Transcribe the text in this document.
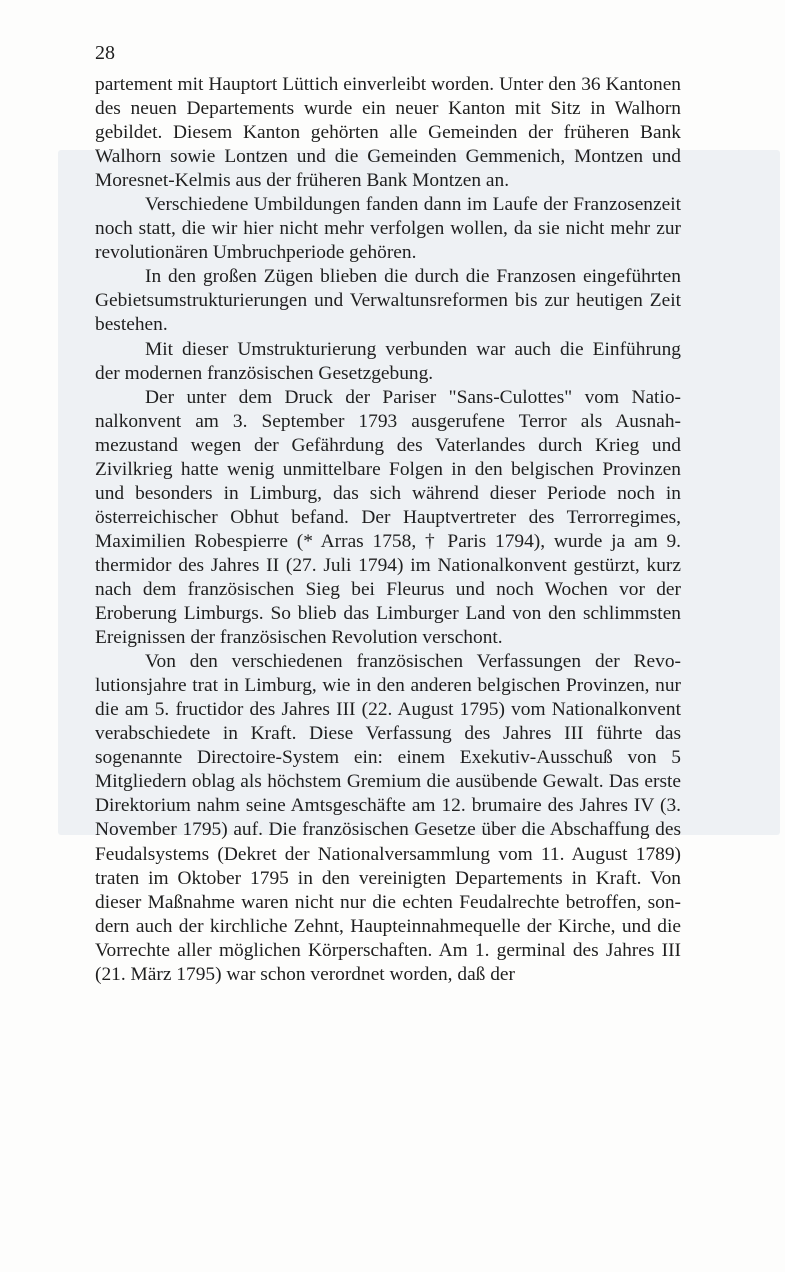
28

partement mit Hauptort Lüttich einverleibt worden. Unter den 36 Kantonen des neuen Departements wurde ein neuer Kanton mit Sitz in Walhorn gebildet. Diesem Kanton gehörten alle Gemeinden der früheren Bank Walhorn sowie Lontzen und die Gemeinden Gemmenich, Montzen und Moresnet-Kelmis aus der früheren Bank Montzen an.

Verschiedene Umbildungen fanden dann im Laufe der Franzosenzeit noch statt, die wir hier nicht mehr verfolgen wollen, da sie nicht mehr zur revolutionären Umbruchperiode gehören.

In den großen Zügen blieben die durch die Franzosen eingeführten Gebietsumstrukturierungen und Verwaltunsreformen bis zur heutigen Zeit bestehen.

Mit dieser Umstrukturierung verbunden war auch die Einführung der modernen französischen Gesetzgebung.

Der unter dem Druck der Pariser "Sans-Culottes" vom Nationalkonvent am 3. September 1793 ausgerufene Terror als Ausnahmezustand wegen der Gefährdung des Vaterlandes durch Krieg und Zivilkrieg hatte wenig unmittelbare Folgen in den belgischen Provinzen und besonders in Limburg, das sich während dieser Periode noch in österreichischer Obhut befand. Der Hauptvertreter des Terrorregimes, Maximilien Robespierre (* Arras 1758, † Paris 1794), wurde ja am 9. thermidor des Jahres II (27. Juli 1794) im Nationalkonvent gestürzt, kurz nach dem französischen Sieg bei Fleurus und noch Wochen vor der Eroberung Limburgs. So blieb das Limburger Land von den schlimmsten Ereignissen der französischen Revolution verschont.

Von den verschiedenen französischen Verfassungen der Revolutionsjahre trat in Limburg, wie in den anderen belgischen Provinzen, nur die am 5. fructidor des Jahres III (22. August 1795) vom Nationalkonvent verabschiedete in Kraft. Diese Verfassung des Jahres III führte das sogenannte Directoire-System ein: einem Exekutiv-Ausschuß von 5 Mitgliedern oblag als höchstem Gremium die ausübende Gewalt. Das erste Direktorium nahm seine Amtsgeschäfte am 12. brumaire des Jahres IV (3. November 1795) auf. Die französischen Gesetze über die Abschaffung des Feudalsystems (Dekret der Nationalversammlung vom 11. August 1789) traten im Oktober 1795 in den vereinigten Departements in Kraft. Von dieser Maßnahme waren nicht nur die echten Feudalrechte betroffen, sondern auch der kirchliche Zehnt, Haupteinnahmequelle der Kirche, und die Vorrechte aller möglichen Körperschaften. Am 1. germinal des Jahres III (21. März 1795) war schon verordnet worden, daß der
